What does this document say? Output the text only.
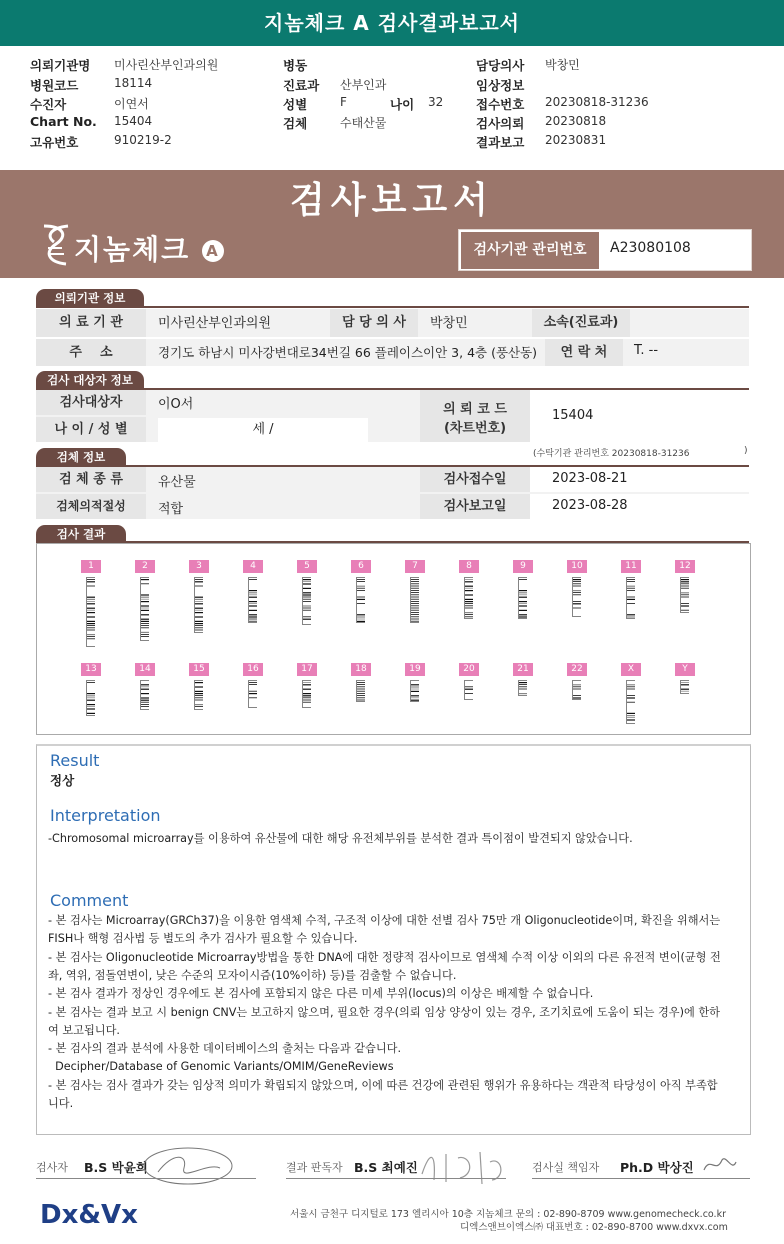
지놈체크 A 검사결과보고서
의뢰기관명 미사린산부인과의원
병원코드	18114
수진자	이연서
Chart No. 15404
고유번호	910219-2
병동
진료과 산부인과
성별	F
검체	수태산물
나이 32
담당의사 박창민
임상정보
접수번호 20230818-31236
검사의뢰 20230818
결과보고 20230831
검사보고서
지놈체크 A	검사기관 관리번호	A23080108
의뢰기관 정보
의 료 기 관	미사린산부인과의원	담 당 의 사	박창민	소속(진료과)
주    소	경기도 하남시 미사강변대로34번길 66 플레이스이안 3, 4층 (풍산동)	연 락 처	T. --
검사 대상자 정보
검사대상자	이O서
나 이 / 성 별	세 /
의 뢰 코 드
(차트번호)
15404
(수탁기관 관리번호 20230818-31236	)
검체 정보
검 체 종 류	유산물	검사접수일	2023-08-21
검체의적절성	적합	검사보고일	2023-08-28
검사 결과
1	2	3	4	5	6	7	8	9	10	11	12
13	14	15	16	17	18	19	20	21	22	X	Y
Result
정상
Interpretation
-Chromosomal microarray를 이용하여 유산물에 대한 해당 유전체부위를 분석한 결과 특이점이 발견되지 않았습니다.
Comment
- 본 검사는 Microarray(GRCh37)을 이용한 염색체 수적, 구조적 이상에 대한 선별 검사 75만 개 Oligonucleotide이며, 확진을 위해서는
FISH나 핵형 검사법 등 별도의 추가 검사가 필요할 수 있습니다.
- 본 검사는 Oligonucleotide Microarray방법을 통한 DNA에 대한 정량적 검사이므로 염색체 수적 이상 이외의 다른 유전적 변이(균형 전
좌, 역위, 점돌연변이, 낮은 수준의 모자이시즘(10%이하) 등)를 검출할 수 없습니다.
- 본 검사 결과가 정상인 경우에도 본 검사에 포함되지 않은 다른 미세 부위(locus)의 이상은 배제할 수 없습니다.
- 본 검사는 결과 보고 시 benign CNV는 보고하지 않으며, 필요한 경우(의뢰 임상 양상이 있는 경우, 조기치료에 도움이 되는 경우)에 한하
여 보고됩니다.
- 본 검사의 결과 분석에 사용한 데이터베이스의 출처는 다음과 같습니다.
Decipher/Database of Genomic Variants/OMIM/GeneReviews
- 본 검사는 검사 결과가 갖는 임상적 의미가 확립되지 않았으며, 이에 따른 건강에 관련된 행위가 유용하다는 객관적 타당성이 아직 부족합
니다.
검사자 B.S 박윤희	결과 판독자 B.S 최예진	검사실 책임자 Ph.D 박상진
Dx&Vx	서울시 금천구 디지털로 173 엘리시아 10층 지놈체크 문의 : 02-890-8709 www.genomecheck.co.kr
디엑스앤브이엑스㈜ 대표번호 : 02-890-8700 www.dxvx.com
